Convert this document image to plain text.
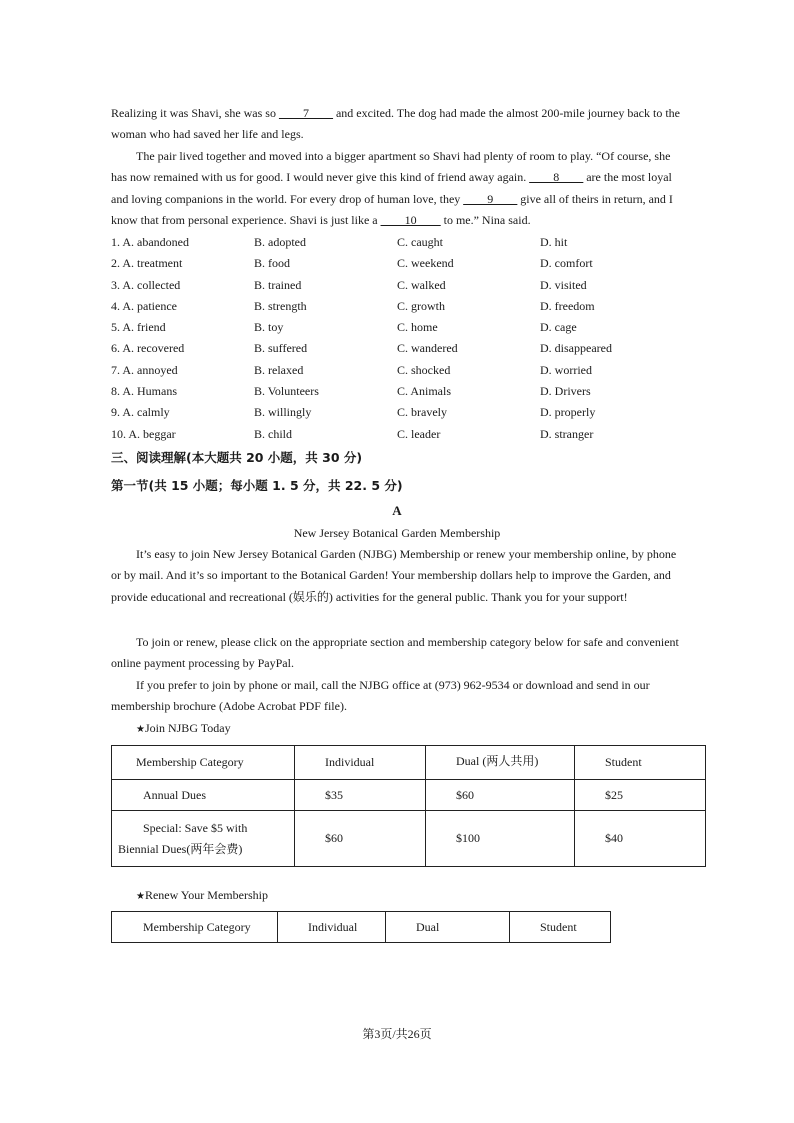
Realizing it was Shavi, she was so ____7____ and excited. The dog had made the almost 200-mile journey back to the woman who had saved her life and legs.

The pair lived together and moved into a bigger apartment so Shavi had plenty of room to play. “Of course, she has now remained with us for good. I would never give this kind of friend away again. ____8____ are the most loyal and loving companions in the world. For every drop of human love, they ____9____ give all of theirs in return, and I know that from personal experience. Shavi is just like a ____10____ to me.” Nina said.

1. A. abandoned	B. adopted	C. caught	D. hit
2. A. treatment	B. food	C. weekend	D. comfort
3. A. collected	B. trained	C. walked	D. visited
4. A. patience	B. strength	C. growth	D. freedom
5. A. friend	B. toy	C. home	D. cage
6. A. recovered	B. suffered	C. wandered	D. disappeared
7. A. annoyed	B. relaxed	C. shocked	D. worried
8. A. Humans	B. Volunteers	C. Animals	D. Drivers
9. A. calmly	B. willingly	C. bravely	D. properly
10. A. beggar	B. child	C. leader	D. stranger
三、阅读理解(本大题共 20 小题，共 30 分)
第一节(共 15 小题；每小题 1. 5 分，共 22. 5 分)
A
New Jersey Botanical Garden Membership

It’s easy to join New Jersey Botanical Garden (NJBG) Membership or renew your membership online, by phone or by mail. And it’s so important to the Botanical Garden! Your membership dollars help to improve the Garden, and provide educational and recreational (娱乐的) activities for the general public. Thank you for your support!

To join or renew, please click on the appropriate section and membership category below for safe and convenient online payment processing by PayPal.

If you prefer to join by phone or mail, call the NJBG office at (973) 962-9534 or download and send in our membership brochure (Adobe Acrobat PDF file).

★ Join NJBG Today
Membership Category	Individual	Dual (两人共用)	Student
Annual Dues	$35	$60	$25

Special: Save $5 with
Biennial Dues(两年会费)	$60	$100	$40
★ Renew Your Membership
Membership Category	Individual	Dual	Student
第3页/共26页
